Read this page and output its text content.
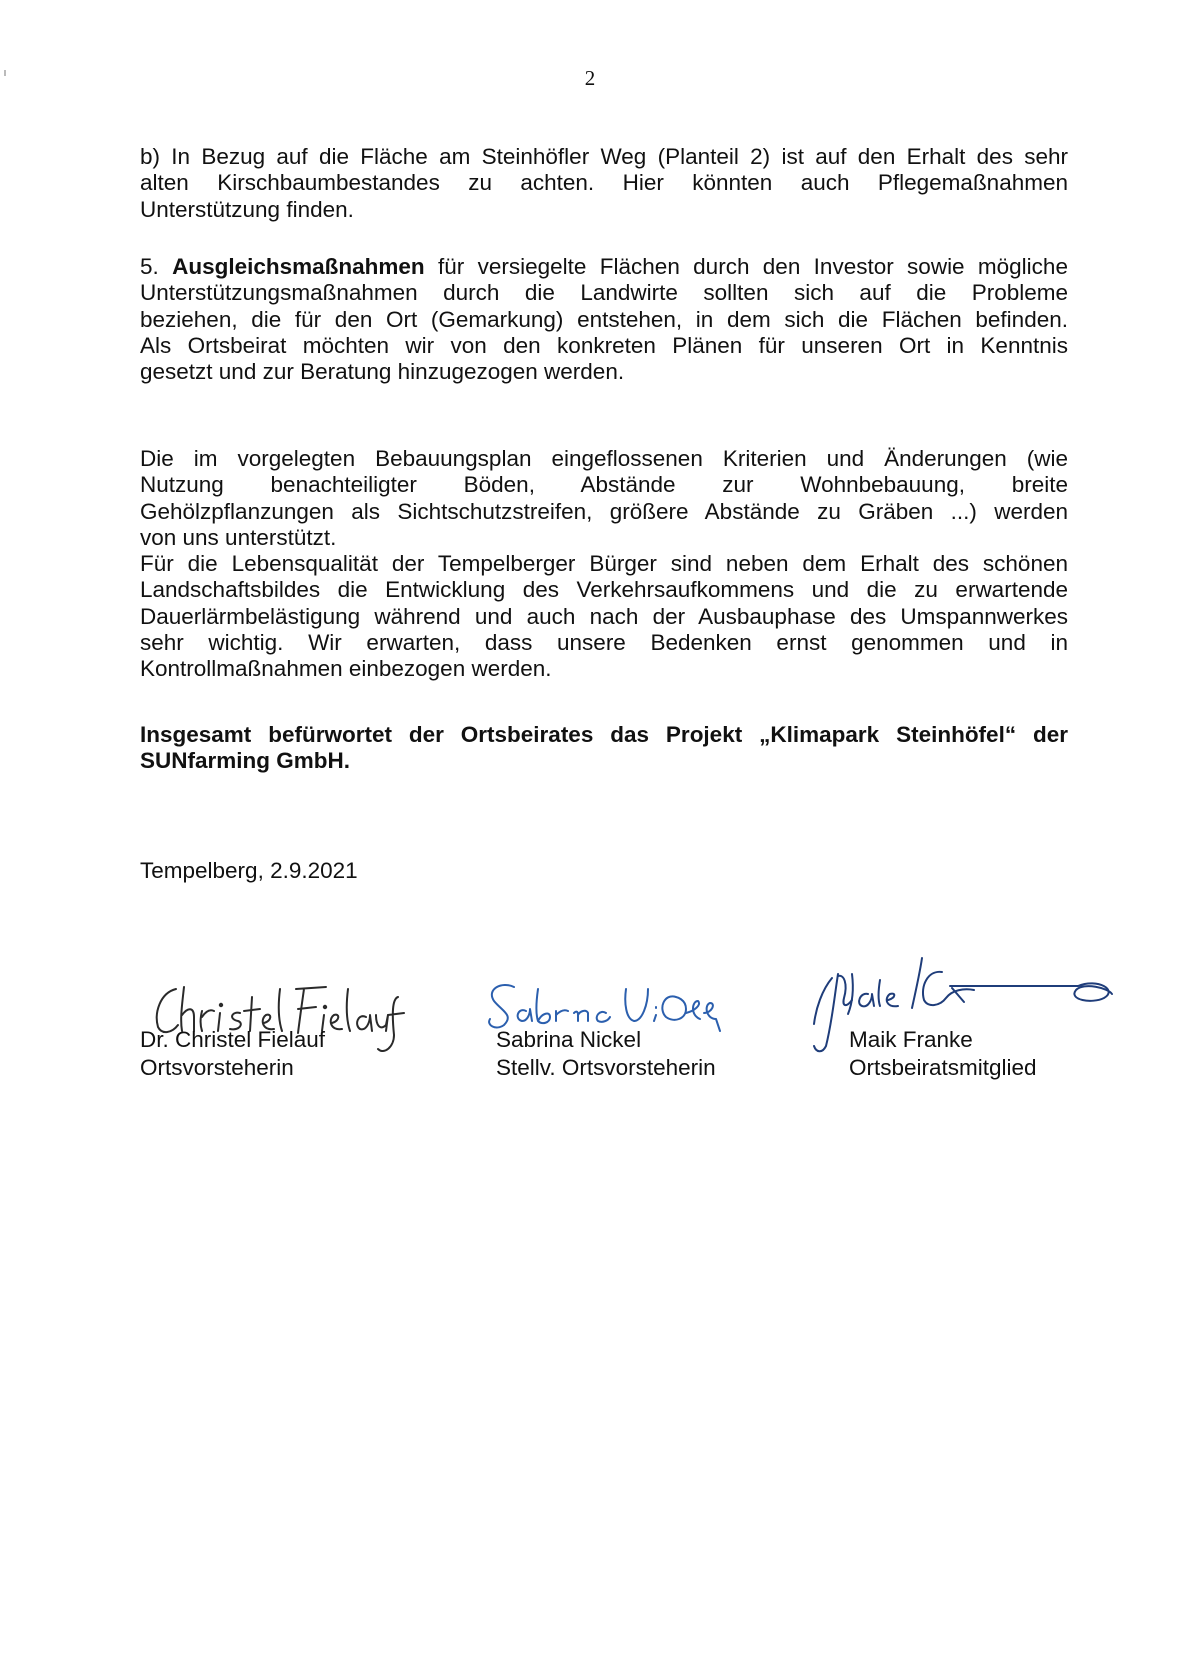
2

b) In Bezug auf die Fläche am Steinhöfler Weg (Planteil 2) ist auf den Erhalt des sehr
alten Kirschbaumbestandes zu achten. Hier könnten auch Pflegemaßnahmen
Unterstützung finden.

5. Ausgleichsmaßnahmen für versiegelte Flächen durch den Investor sowie mögliche
Unterstützungsmaßnahmen durch die Landwirte sollten sich auf die Probleme
beziehen, die für den Ort (Gemarkung) entstehen, in dem sich die Flächen befinden.
Als Ortsbeirat möchten wir von den konkreten Plänen für unseren Ort in Kenntnis
gesetzt und zur Beratung hinzugezogen werden.

Die im vorgelegten Bebauungsplan eingeflossenen Kriterien und Änderungen (wie
Nutzung benachteiligter Böden, Abstände zur Wohnbebauung, breite
Gehölzpflanzungen als Sichtschutzstreifen, größere Abstände zu Gräben ...) werden
von uns unterstützt.

Für die Lebensqualität der Tempelberger Bürger sind neben dem Erhalt des schönen
Landschaftsbildes die Entwicklung des Verkehrsaufkommens und die zu erwartende
Dauerlärmbelästigung während und auch nach der Ausbauphase des Umspannwerkes
sehr wichtig. Wir erwarten, dass unsere Bedenken ernst genommen und in
Kontrollmaßnahmen einbezogen werden.

Insgesamt befürwortet der Ortsbeirates das Projekt „Klimapark Steinhöfel“ der
SUNfarming GmbH.

Tempelberg, 2.9.2021
Dr. Christel Fielauf
Ortsvorsteherin
Sabrina Nickel
Stellv. Ortsvorsteherin
Maik Franke
Ortsbeiratsmitglied
